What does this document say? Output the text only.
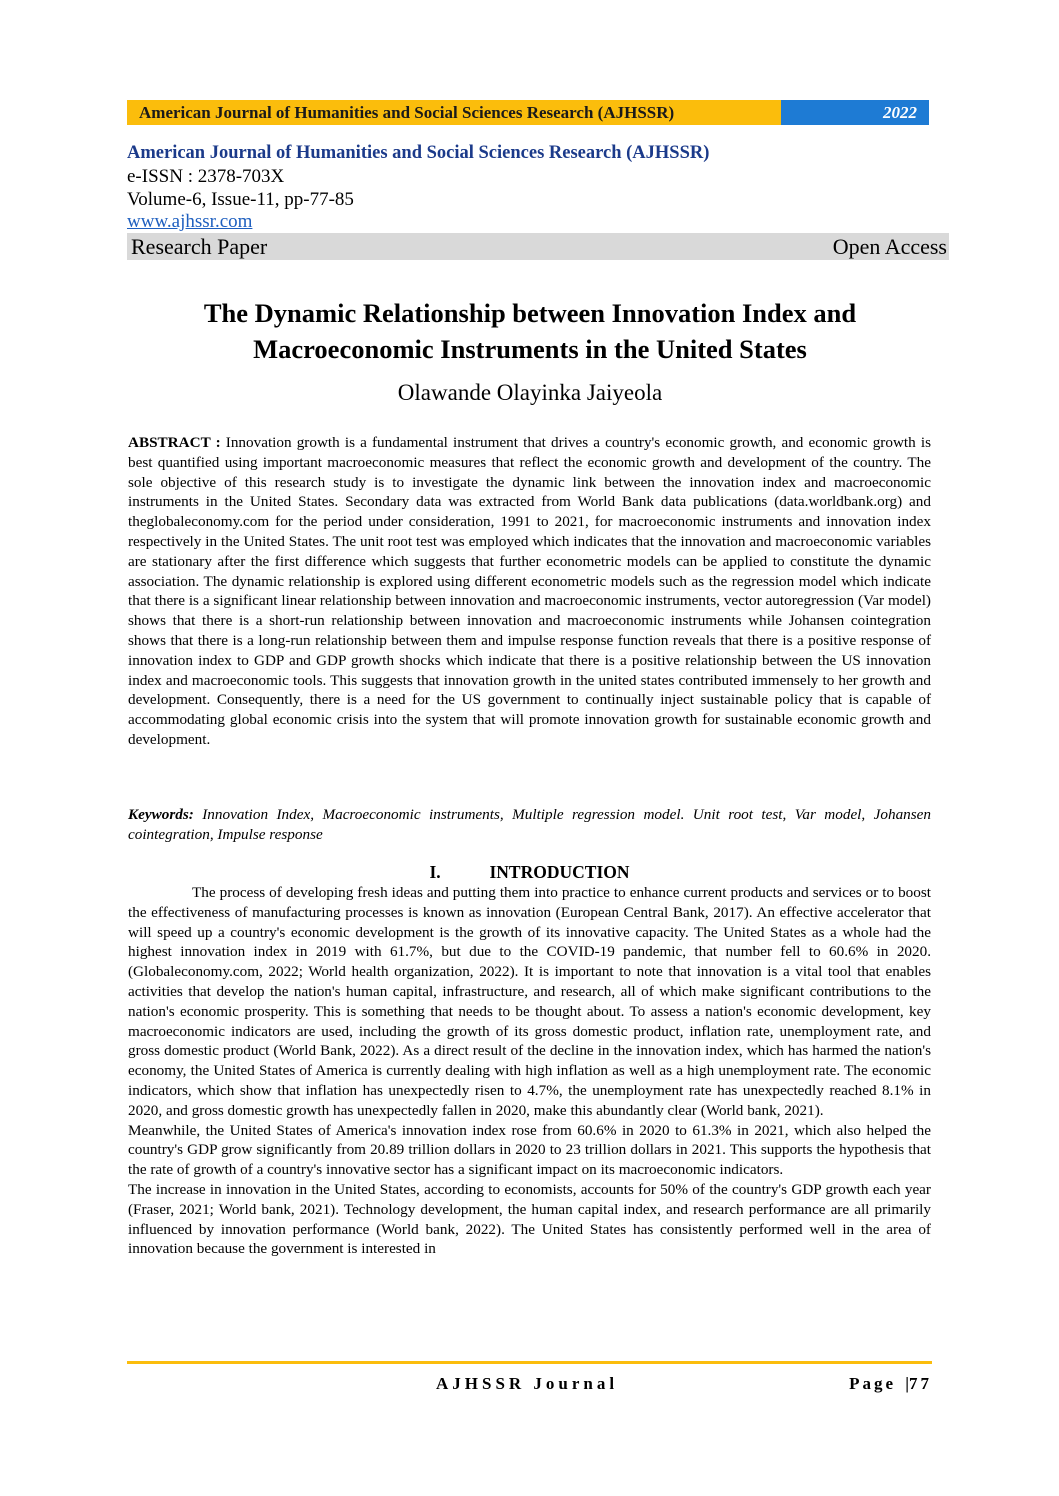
American Journal of Humanities and Social Sciences Research (AJHSSR)	2022
American Journal of Humanities and Social Sciences Research (AJHSSR)
e-ISSN : 2378-703X
Volume-6, Issue-11, pp-77-85
www.ajhssr.com
Research Paper	Open Access
The Dynamic Relationship between Innovation Index and
Macroeconomic Instruments in the United States
Olawande Olayinka Jaiyeola
ABSTRACT : Innovation growth is a fundamental instrument that drives a country's economic growth, and economic growth is best quantified using important macroeconomic measures that reflect the economic growth and development of the country. The sole objective of this research study is to investigate the dynamic link between the innovation index and macroeconomic instruments in the United States. Secondary data was extracted from World Bank data publications (data.worldbank.org) and theglobaleconomy.com for the period under consideration, 1991 to 2021, for macroeconomic instruments and innovation index respectively in the United States. The unit root test was employed which indicates that the innovation and macroeconomic variables are stationary after the first difference which suggests that further econometric models can be applied to constitute the dynamic association. The dynamic relationship is explored using different econometric models such as the regression model which indicate that there is a significant linear relationship between innovation and macroeconomic instruments, vector autoregression (Var model) shows that there is a short-run relationship between innovation and macroeconomic instruments while Johansen cointegration shows that there is a long-run relationship between them and impulse response function reveals that there is a positive response of innovation index to GDP and GDP growth shocks which indicate that there is a positive relationship between the US innovation index and macroeconomic tools. This suggests that innovation growth in the united states contributed immensely to her growth and development. Consequently, there is a need for the US government to continually inject sustainable policy that is capable of accommodating global economic crisis into the system that will promote innovation growth for sustainable economic growth and development.
Keywords: Innovation Index, Macroeconomic instruments, Multiple regression model. Unit root test, Var model, Johansen cointegration, Impulse response
I.	INTRODUCTION

The process of developing fresh ideas and putting them into practice to enhance current products and services or to boost the effectiveness of manufacturing processes is known as innovation (European Central Bank, 2017). An effective accelerator that will speed up a country's economic development is the growth of its innovative capacity. The United States as a whole had the highest innovation index in 2019 with 61.7%, but due to the COVID-19 pandemic, that number fell to 60.6% in 2020. (Globaleconomy.com, 2022; World health organization, 2022). It is important to note that innovation is a vital tool that enables activities that develop the nation's human capital, infrastructure, and research, all of which make significant contributions to the nation's economic prosperity. This is something that needs to be thought about. To assess a nation's economic development, key macroeconomic indicators are used, including the growth of its gross domestic product, inflation rate, unemployment rate, and gross domestic product (World Bank, 2022). As a direct result of the decline in the innovation index, which has harmed the nation's economy, the United States of America is currently dealing with high inflation as well as a high unemployment rate. The economic indicators, which show that inflation has unexpectedly risen to 4.7%, the unemployment rate has unexpectedly reached 8.1% in 2020, and gross domestic growth has unexpectedly fallen in 2020, make this abundantly clear (World bank, 2021).

Meanwhile, the United States of America's innovation index rose from 60.6% in 2020 to 61.3% in 2021, which also helped the country's GDP grow significantly from 20.89 trillion dollars in 2020 to 23 trillion dollars in 2021. This supports the hypothesis that the rate of growth of a country's innovative sector has a significant impact on its macroeconomic indicators.

The increase in innovation in the United States, according to economists, accounts for 50% of the country's GDP growth each year (Fraser, 2021; World bank, 2021). Technology development, the human capital index, and research performance are all primarily influenced by innovation performance (World bank, 2022). The United States has consistently performed well in the area of innovation because the government is interested in

AJHSSR Journal	Page |77
